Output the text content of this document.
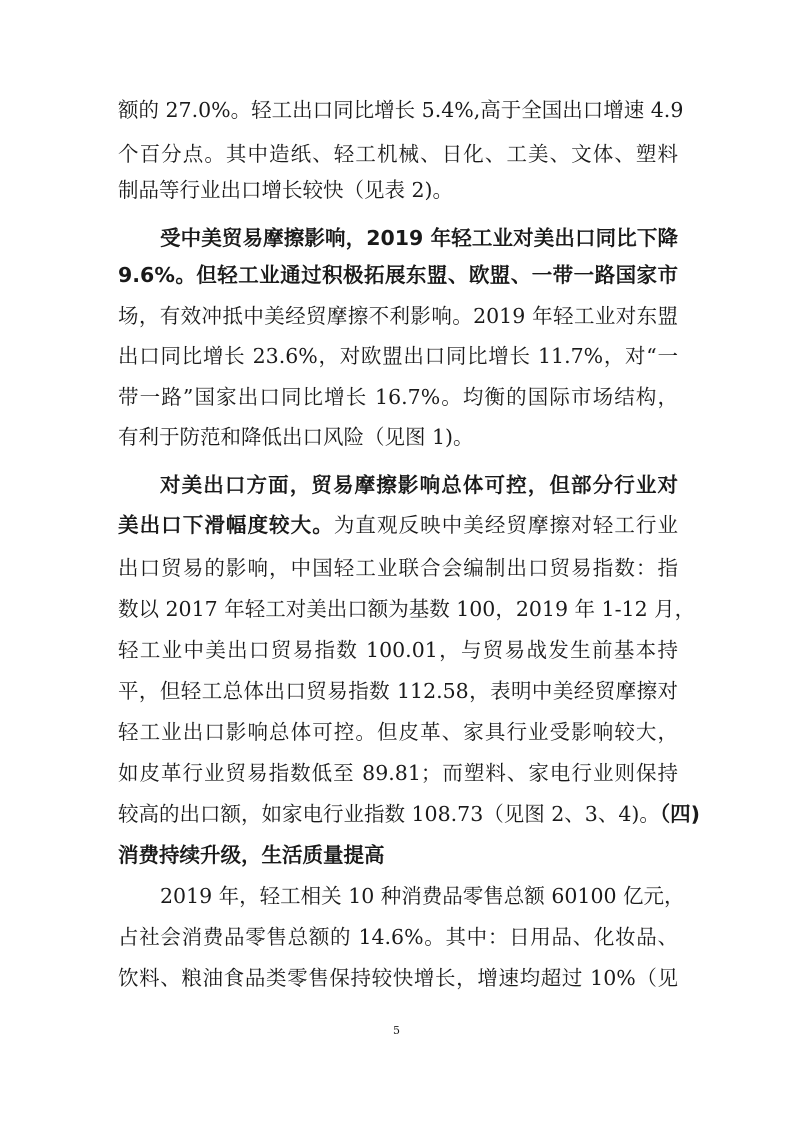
额的 27.0%。轻工出口同比增长 5.4%,高于全国出口增速 4.9
个百分点。其中造纸、轻工机械、日化、工美、文体、塑料
制品等行业出口增长较快（见表 2)。
受中美贸易摩擦影响，2019 年轻工业对美出口同比下降
9.6%。但轻工业通过积极拓展东盟、欧盟、一带一路国家市
场，有效冲抵中美经贸摩擦不利影响。2019 年轻工业对东盟
出口同比增长 23.6%，对欧盟出口同比增长 11.7%，对“一
带一路”国家出口同比增长 16.7%。均衡的国际市场结构，
有利于防范和降低出口风险（见图 1)。
对美出口方面，贸易摩擦影响总体可控，但部分行业对
美出口下滑幅度较大。为直观反映中美经贸摩擦对轻工行业
出口贸易的影响，中国轻工业联合会编制出口贸易指数：指
数以 2017 年轻工对美出口额为基数 100，2019 年 1-12 月，
轻工业中美出口贸易指数 100.01，与贸易战发生前基本持
平，但轻工总体出口贸易指数 112.58，表明中美经贸摩擦对
轻工业出口影响总体可控。但皮革、家具行业受影响较大，
如皮革行业贸易指数低至 89.81；而塑料、家电行业则保持
较高的出口额，如家电行业指数 108.73（见图 2、3、4)。（四)
消费持续升级，生活质量提高
2019 年，轻工相关 10 种消费品零售总额 60100 亿元，
占社会消费品零售总额的 14.6%。其中：日用品、化妆品、
饮料、粮油食品类零售保持较快增长，增速均超过 10%（见
5
